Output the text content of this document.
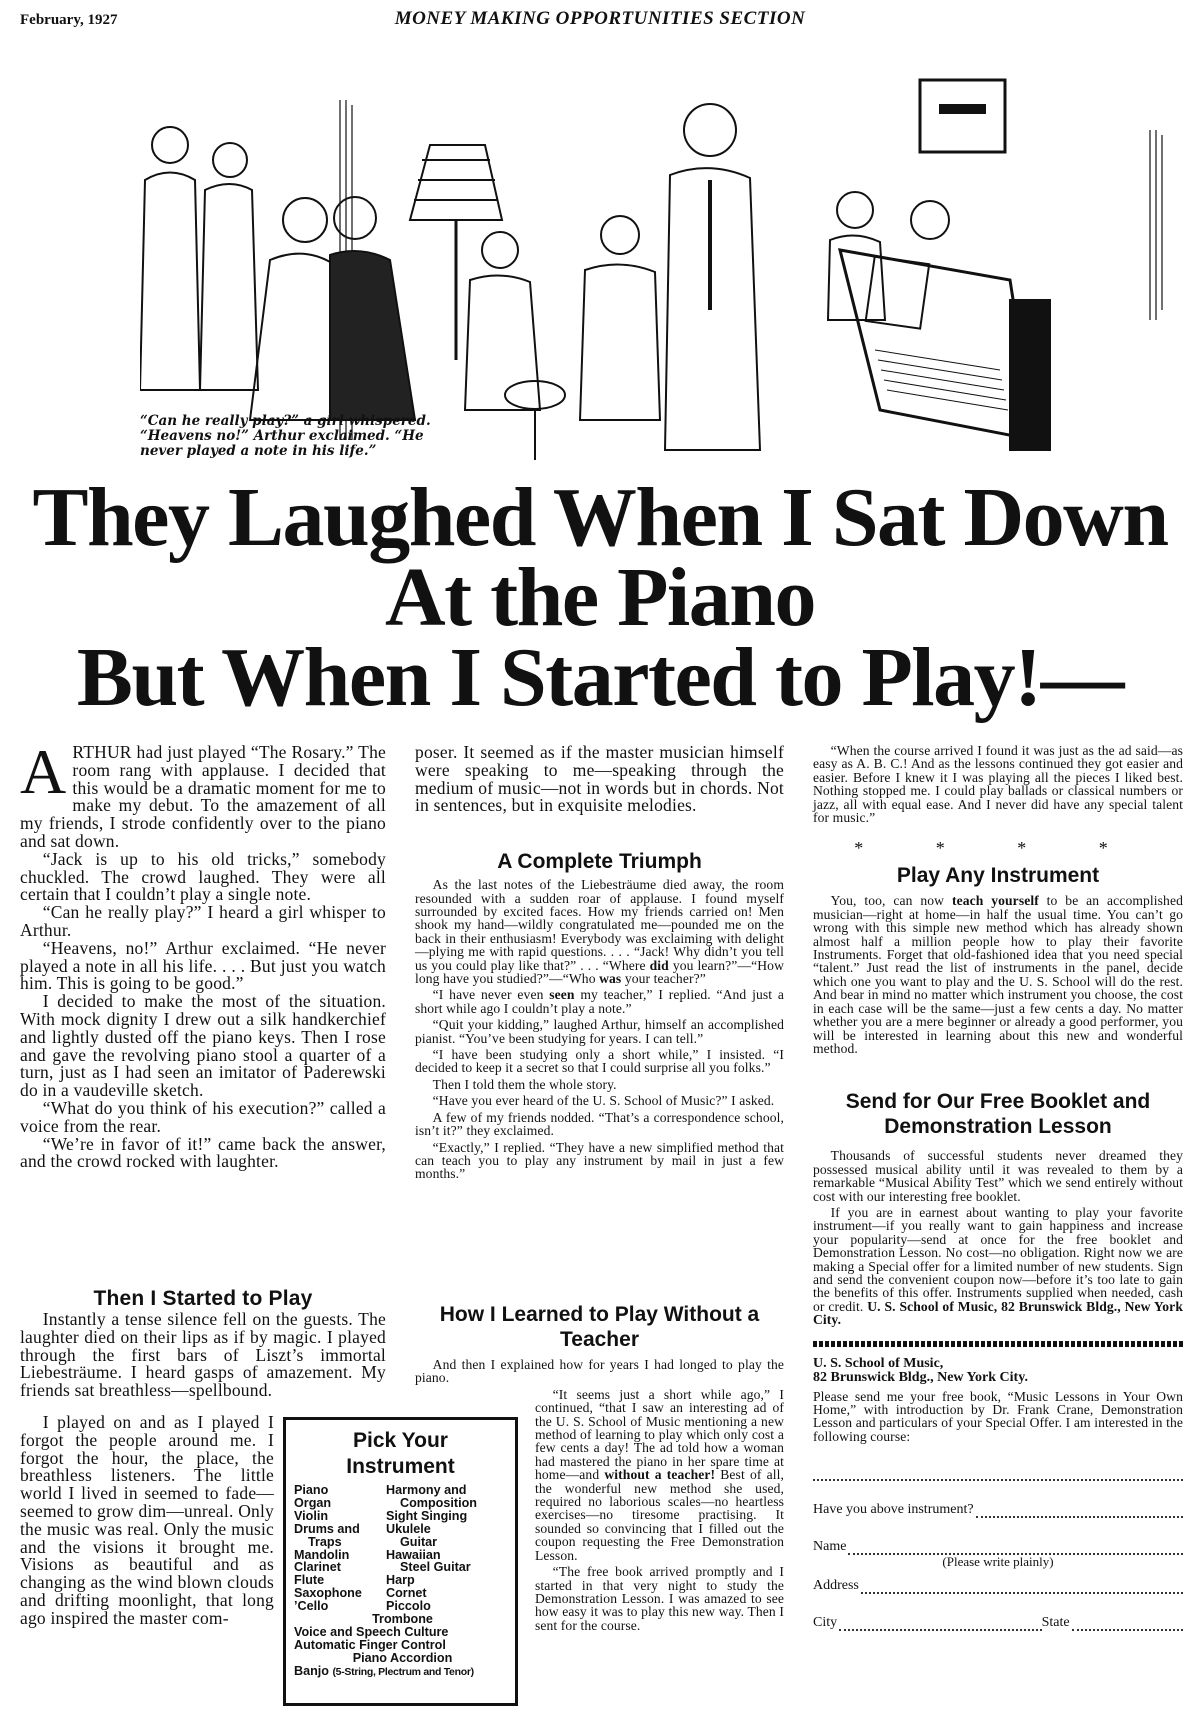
February, 1927	MONEY MAKING OPPORTUNITIES SECTION
“Can he really play?” a girl whispered. “Heavens no!” Arthur exclaimed. “He never played a note in his life.”
They Laughed When I Sat Down
At the Piano
But When I Started to Play!—
A RTHUR had just played “The Rosary.” The room rang with applause. I decided that this would be a dramatic moment for me to make my debut. To the amazement of all my friends, I strode confidently over to the piano and sat down.

“Jack is up to his old tricks,” somebody chuckled. The crowd laughed. They were all certain that I couldn’t play a single note.

“Can he really play?” I heard a girl whisper to Arthur.

“Heavens, no!” Arthur exclaimed. “He never played a note in all his life. . . . But just you watch him. This is going to be good.”

I decided to make the most of the situation. With mock dignity I drew out a silk handkerchief and lightly dusted off the piano keys. Then I rose and gave the revolving piano stool a quarter of a turn, just as I had seen an imitator of Paderewski do in a vaudeville sketch.

“What do you think of his execution?” called a voice from the rear.

“We’re in favor of it!” came back the answer, and the crowd rocked with laughter.

Then I Started to Play

Instantly a tense silence fell on the guests. The laughter died on their lips as if by magic. I played through the first bars of Liszt’s immortal Liebesträume. I heard gasps of amazement. My friends sat breathless—spellbound.

I played on and as I played I forgot the people around me. I forgot the hour, the place, the breathless listeners. The little world I lived in seemed to fade—seemed to grow dim—unreal. Only the music was real. Only the music and the visions it brought me. Visions as beautiful and as changing as the wind blown clouds and drifting moonlight, that long ago inspired the master com-

poser. It seemed as if the master musician himself were speaking to me—speaking through the medium of music—not in words but in chords. Not in sentences, but in exquisite melodies.

A Complete Triumph

As the last notes of the Liebesträume died away, the room resounded with a sudden roar of applause. I found myself surrounded by excited faces. How my friends carried on! Men shook my hand—wildly congratulated me—pounded me on the back in their enthusiasm! Everybody was exclaiming with delight—plying me with rapid questions. . . . “Jack! Why didn’t you tell us you could play like that?” . . . “Where did you learn?”—“How long have you studied?”—“Who was your teacher?”

“I have never even seen my teacher,” I replied. “And just a short while ago I couldn’t play a note.”

“Quit your kidding,” laughed Arthur, himself an accomplished pianist. “You’ve been studying for years. I can tell.”

“I have been studying only a short while,” I insisted. “I decided to keep it a secret so that I could surprise all you folks.”

Then I told them the whole story.

“Have you ever heard of the U. S. School of Music?” I asked.

A few of my friends nodded. “That’s a correspondence school, isn’t it?” they exclaimed.

“Exactly,” I replied. “They have a new simplified method that can teach you to play any instrument by mail in just a few months.”

How I Learned to Play Without a Teacher

And then I explained how for years I had longed to play the piano.

“It seems just a short while ago,” I continued, “that I saw an interesting ad of the U. S. School of Music mentioning a new method of learning to play which only cost a few cents a day! The ad told how a woman had mastered the piano in her spare time at home—and without a teacher! Best of all, the wonderful new method she used, required no laborious scales—no heartless exercises—no tiresome practising. It sounded so convincing that I filled out the coupon requesting the Free Demonstration Lesson.

“The free book arrived promptly and I started in that very night to study the Demonstration Lesson. I was amazed to see how easy it was to play this new way. Then I sent for the course.

Pick Your
Instrument
Piano	Harmony and
Organ	Composition
Violin	Sight Singing
Drums and	Ukulele
Traps	Guitar
Mandolin	Hawaiian
Clarinet	Steel Guitar
Flute	Harp
Saxophone	Cornet
’Cello	Piccolo
Trombone
Voice and Speech Culture
Automatic Finger Control
Piano Accordion
Banjo (5-String, Plectrum and Tenor)

“When the course arrived I found it was just as the ad said—as easy as A. B. C.! And as the lessons continued they got easier and easier. Before I knew it I was playing all the pieces I liked best. Nothing stopped me. I could play ballads or classical numbers or jazz, all with equal ease. And I never did have any special talent for music.”

* * * *
Play Any Instrument

You, too, can now teach yourself to be an accomplished musician—right at home—in half the usual time. You can’t go wrong with this simple new method which has already shown almost half a million people how to play their favorite Instruments. Forget that old-fashioned idea that you need special “talent.” Just read the list of instruments in the panel, decide which one you want to play and the U. S. School will do the rest. And bear in mind no matter which instrument you choose, the cost in each case will be the same—just a few cents a day. No matter whether you are a mere beginner or already a good performer, you will be interested in learning about this new and wonderful method.

Send for Our Free Booklet and Demonstration Lesson

Thousands of successful students never dreamed they possessed musical ability until it was revealed to them by a remarkable “Musical Ability Test” which we send entirely without cost with our interesting free booklet.

If you are in earnest about wanting to play your favorite instrument—if you really want to gain happiness and increase your popularity—send at once for the free booklet and Demonstration Lesson. No cost—no obligation. Right now we are making a Special offer for a limited number of new students. Sign and send the convenient coupon now—before it’s too late to gain the benefits of this offer. Instruments supplied when needed, cash or credit. U. S. School of Music, 82 Brunswick Bldg., New York City.

U. S. School of Music,
82 Brunswick Bldg., New York City.

Please send me your free book, “Music Lessons in Your Own Home,” with introduction by Dr. Frank Crane, Demonstration Lesson and particulars of your Special Offer. I am interested in the following course:

Have you above instrument?
Name
(Please write plainly)
Address
City	State
